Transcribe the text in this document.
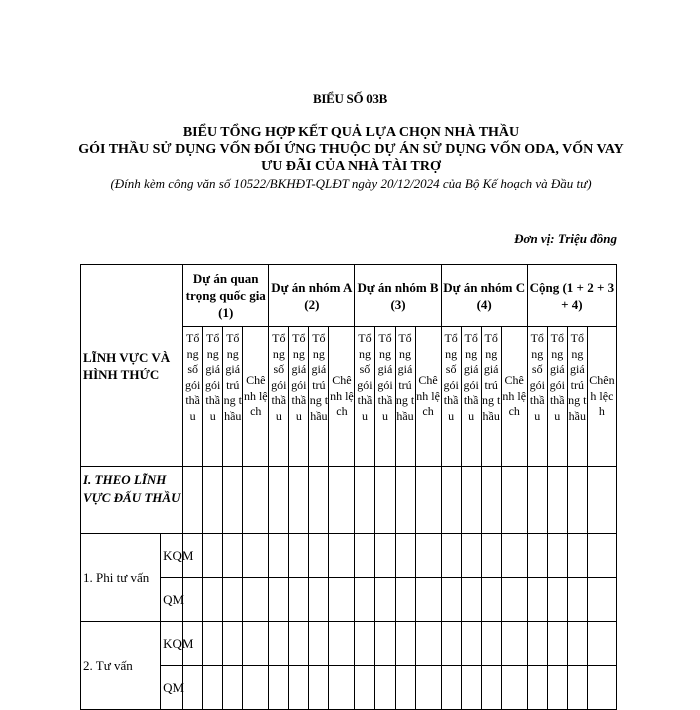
BIỂU SỐ 03B
BIỂU TỔNG HỢP KẾT QUẢ LỰA CHỌN NHÀ THẦU
GÓI THẦU SỬ DỤNG VỐN ĐỐI ỨNG THUỘC DỰ ÁN SỬ DỤNG VỐN ODA, VỐN VAY ƯU ĐÃI CỦA NHÀ TÀI TRỢ
(Đính kèm công văn số 10522/BKHĐT-QLĐT ngày 20/12/2024 của Bộ Kế hoạch và Đầu tư)
Đơn vị: Triệu đồng
LĨNH VỰC VÀ HÌNH THỨC		Dự án quan trọng quốc gia (1)				Dự án nhóm A (2)				Dự án nhóm B (3)				Dự án nhóm C (4)				Cộng (1 + 2 + 3 + 4)			
		Tổng số gói thầu	Tổng giá gói thầu	Tổng giá trúng thầu	Chênh lệch	Tổng số gói thầu	Tổng giá gói thầu	Tổng giá trúng thầu	Chênh lệch	Tổng số gói thầu	Tổng giá gói thầu	Tổng giá trúng thầu	Chênh lệch	Tổng số gói thầu	Tổng giá gói thầu	Tổng giá trúng thầu	Chênh lệch	Tổng số gói thầu	Tổng giá gói thầu	Tổng giá trúng thầu	Chênh lệch
I. THEO LĨNH VỰC ĐẤU THẦU																					
1. Phi tư vấn	KQM																				
	QM																				
2. Tư vấn	KQM																				
	QM																				
